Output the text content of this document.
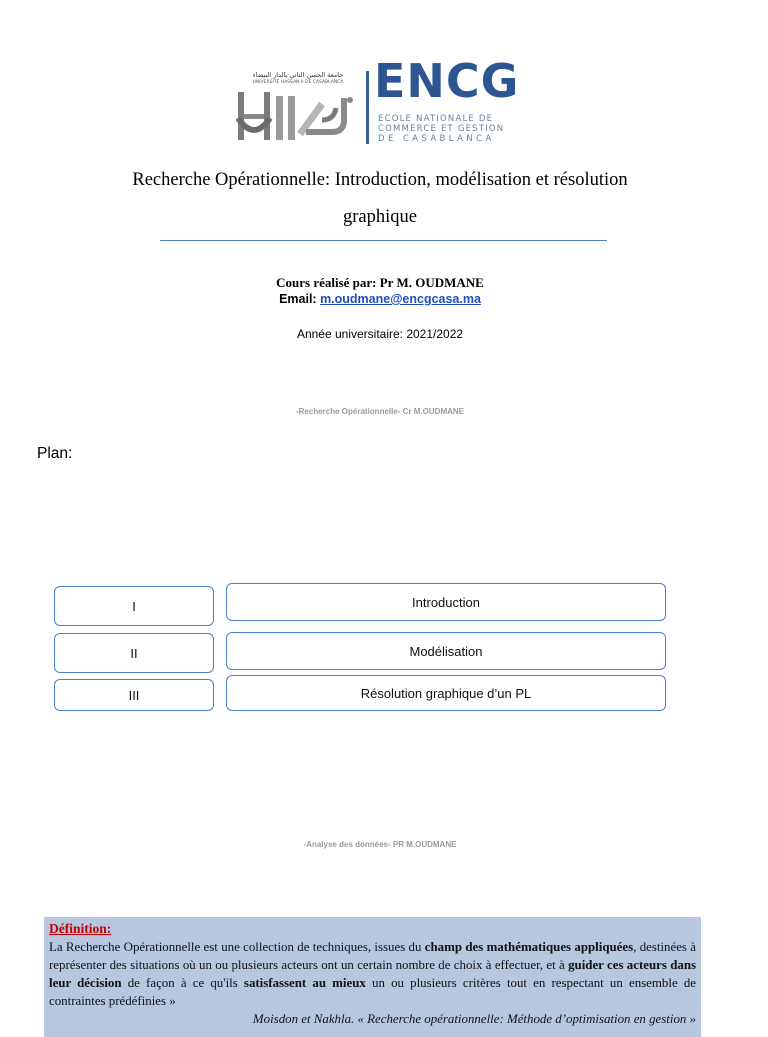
جامعة الحسن الثاني بالدار البيضاء
UNIVERSITÉ HASSAN II DE CASABLANCA ENCG
ECOLE NATIONALE DE
COMMERCE ET GESTION
DE CASABLANCA
Recherche Opérationnelle: Introduction, modélisation et résolution
graphique
Cours réalisé par: Pr M. OUDMANE
Email: m.oudmane@encgcasa.ma
Année universitaire: 2021/2022
-Recherche Opérationnelle- Cr M.OUDMANE
Plan:
I	Introduction
II	Modélisation
III	Résolution graphique d’un PL
-Analyse des données- PR M.OUDMANE
Définition:

La Recherche Opérationnelle est une collection de techniques, issues du champ des mathématiques appliquées, destinées à représenter des situations où un ou plusieurs acteurs ont un certain nombre de choix à effectuer, et à guider ces acteurs dans leur décision de façon à ce qu'ils satisfassent au mieux un ou plusieurs critères tout en respectant un ensemble de contraintes prédéfinies »

Moisdon et Nakhla. « Recherche opérationnelle: Méthode d’optimisation en gestion »
